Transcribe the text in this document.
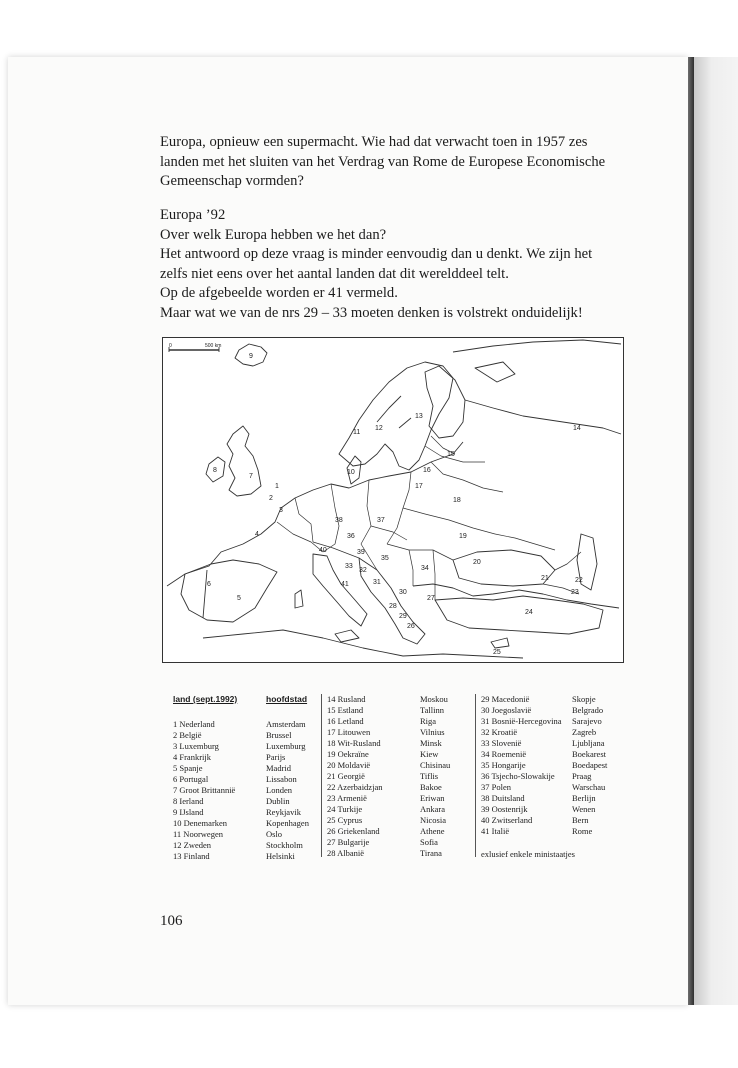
Europa, opnieuw een supermacht. Wie had dat verwacht toen in 1957 zes
landen met het sluiten van het Verdrag van Rome de Europese Economische
Gemeenschap vormden?
Europa ’92
Over welk Europa hebben we het dan?
Het antwoord op deze vraag is minder eenvoudig dan u denkt. We zijn het
zelfs niet eens over het aantal landen dat dit werelddeel telt.
Op de afgebeelde worden er 41 vermeld.
Maar wat we van de nrs 29 – 33 moeten denken is volstrekt onduidelijk!
0	500 km
1
2
3
4
5
6
7
8
9
10
11
12
13
14
15
16
17
18
19
20
21	22
23
24
25
26
27
28
29
30
31
32
33	34
35
36
37
38
39
40
41
land (sept.1992)	hoofdstad
1 Nederland	Amsterdam
2 België	Brussel
3 Luxemburg	Luxemburg
4 Frankrijk	Parijs
5 Spanje	Madrid
6 Portugal	Lissabon
7 Groot Brittannië	Londen
8 Ierland	Dublin
9 IJsland	Reykjavik
10 Denemarken	Kopenhagen
11 Noorwegen	Oslo
12 Zweden	Stockholm
13 Finland	Helsinki
14 Rusland	Moskou
15 Estland	Tallinn
16 Letland	Riga
17 Litouwen	Vilnius
18 Wit-Rusland	Minsk
19 Oekraïne	Kiew
20 Moldavië	Chisinau
21 Georgië	Tiflis
22 Azerbaidzjan	Bakoe
23 Armenië	Eriwan
24 Turkije	Ankara
25 Cyprus	Nicosia
26 Griekenland	Athene
27 Bulgarije	Sofia
28 Albanië	Tirana
29 Macedonië	Skopje
30 Joegoslavië	Belgrado
31 Bosnië-Hercegovina	Sarajevo
32 Kroatië	Zagreb
33 Slovenië	Ljubljana
34 Roemenië	Boekarest
35 Hongarije	Boedapest
36 Tsjecho-Slowakije	Praag
37 Polen	Warschau
38 Duitsland	Berlijn
39 Oostenrijk	Wenen
40 Zwitserland	Bern
41 Italië	Rome
exlusief enkele ministaatjes
106
